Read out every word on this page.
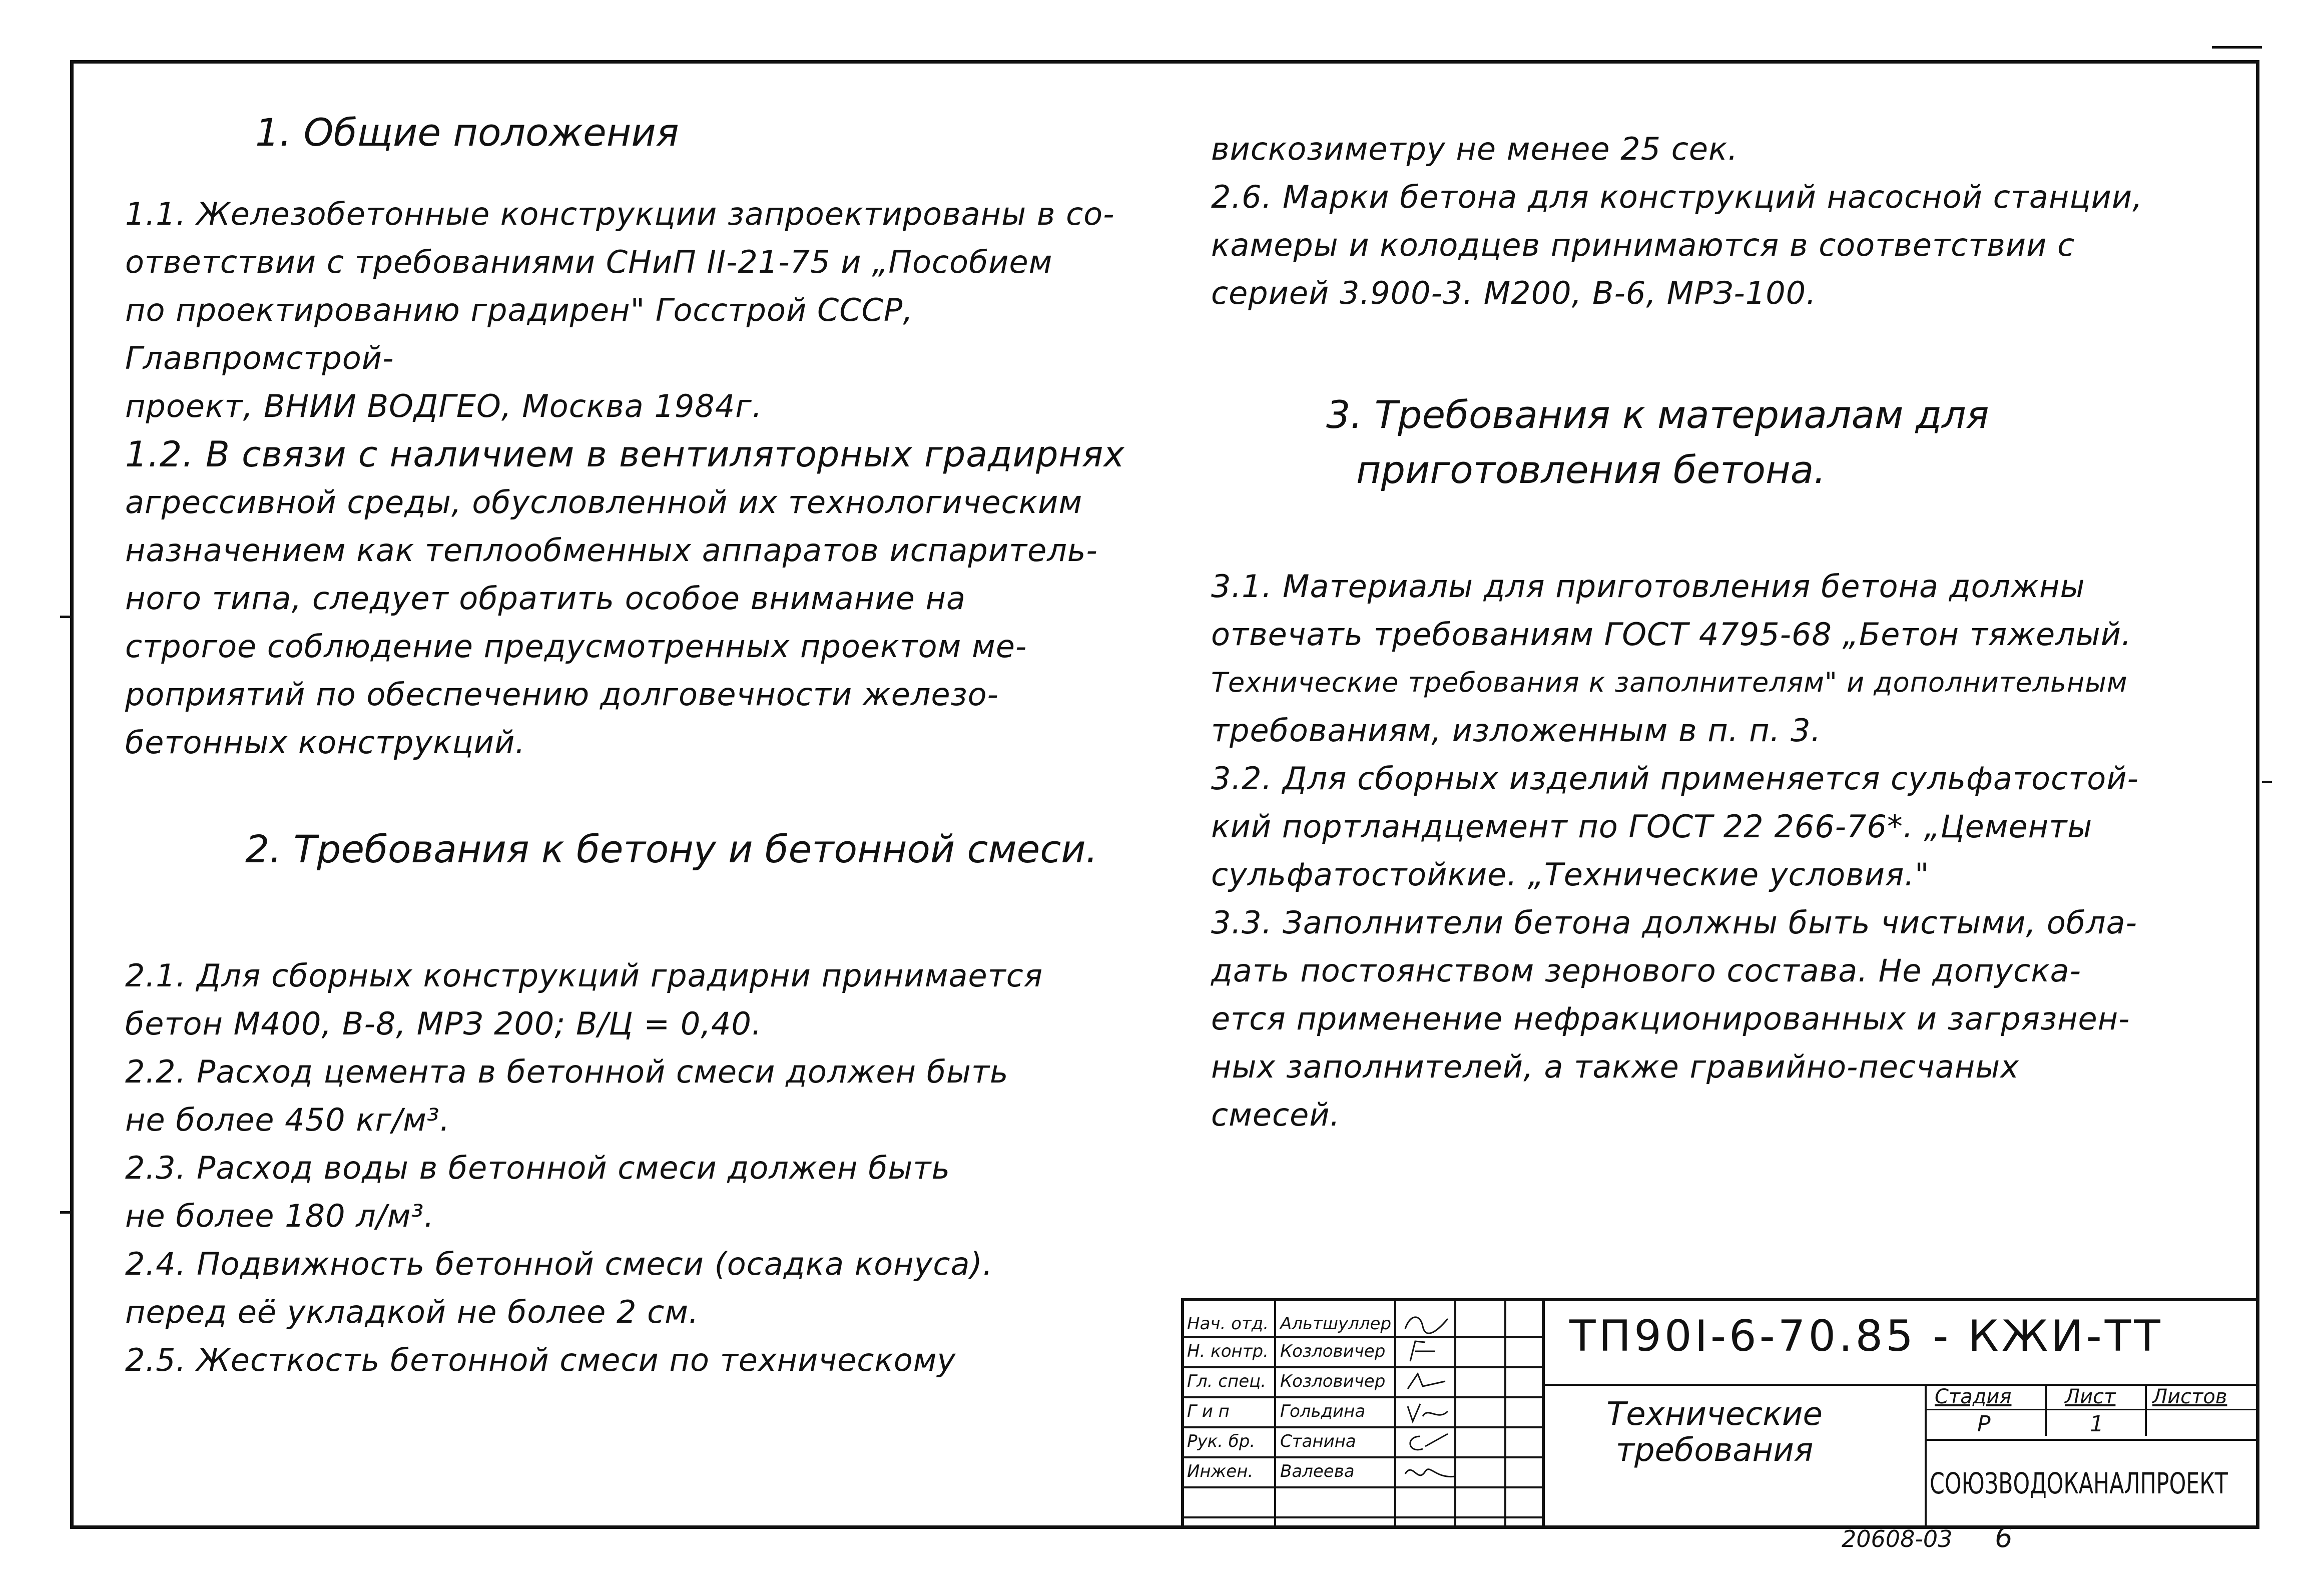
1. Общие положения

1.1. Железобетонные конструкции запроектированы в со-

ответствии с требованиями СНиП II-21-75 и „Пособием

по проектированию градирен" Госстрой СССР, Главпромстрой-

проект, ВНИИ ВОДГЕО, Москва 1984г.

1.2. В связи с наличием в вентиляторных градирнях

агрессивной среды, обусловленной их технологическим

назначением как теплообменных аппаратов испаритель-

ного типа, следует обратить особое внимание на

строгое соблюдение предусмотренных проектом ме-

роприятий по обеспечению долговечности железо-

бетонных конструкций.

2. Требования к бетону и бетонной смеси.

2.1. Для сборных конструкций градирни принимается

бетон М400, В-8, МРЗ 200; В/Ц = 0,40.

2.2. Расход цемента в бетонной смеси должен быть

не более 450 кг/м³.

2.3. Расход воды в бетонной смеси должен быть

не более 180 л/м³.

2.4. Подвижность бетонной смеси (осадка конуса).

перед её укладкой не более 2 см.

2.5. Жесткость бетонной смеси по техническому

вискозиметру не менее 25 сек.

2.6. Марки бетона для конструкций насосной станции,

камеры и колодцев принимаются в соответствии с

серией 3.900-3. М200, В-6, МРЗ-100.

3. Требования к материалам для
приготовления бетона.

3.1. Материалы для приготовления бетона должны

отвечать требованиям ГОСТ 4795-68 „Бетон тяжелый.

Технические требования к заполнителям" и дополнительным

требованиям, изложенным в п. п. 3.

3.2. Для сборных изделий применяется сульфатостой-

кий портландцемент по ГОСТ 22 266-76*. „Цементы

сульфатостойкие. „Технические условия."

3.3. Заполнители бетона должны быть чистыми, обла-

дать постоянством зернового состава. Не допуска-

ется применение нефракционированных и загрязнен-

ных заполнителей, а также гравийно-песчаных

смесей.

Нач. отд. Альтшуллер
Н. контр. Козловичер
Гл. спец. Козловичер
Г и п	Гольдина
Рук. бр.	Станина
Инжен.	Валеева
ТП90I-6-70.85 - КЖИ-ТТ
Технические
требования
Стадия	Лист Листов
Р	1
СОЮЗВОДОКАНАЛПРОЕКТ
20608-03 6
